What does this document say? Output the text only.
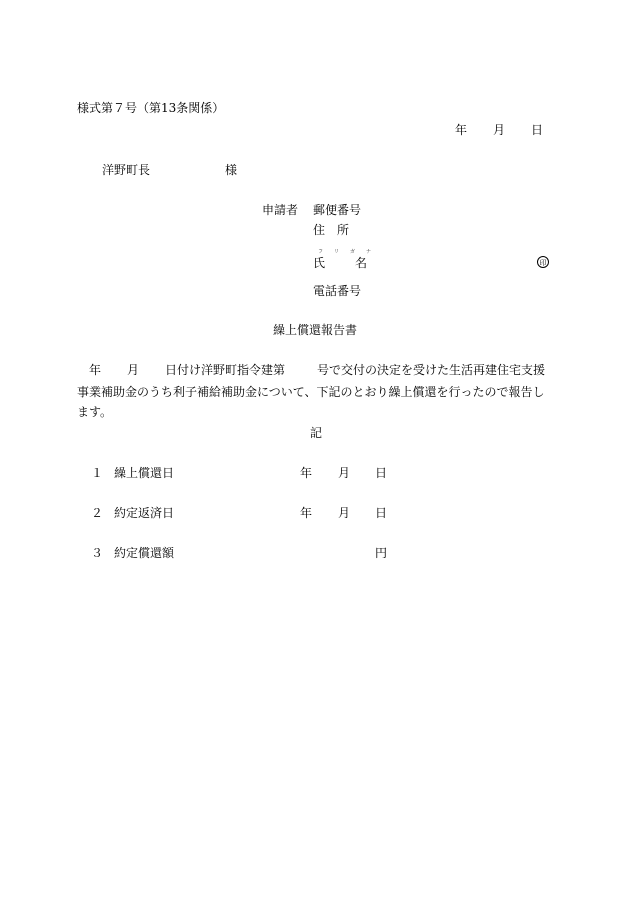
様式第７号（第13条関係）
年 月 日
洋野町長	様
申請者 郵便番号
住　所
フ リ ガ ナ
氏 名	印
電話番号
繰上償還報告書
年 月 日付け洋野町指令建第	号で交付の決定を受けた生活再建住宅支援
事業補助金のうち利子補給補助金について、下記のとおり繰上償還を行ったので報告し
ます。
記
１ 繰上償還日	年 月 日
２ 約定返済日	年 月 日
３ 約定償還額	円
